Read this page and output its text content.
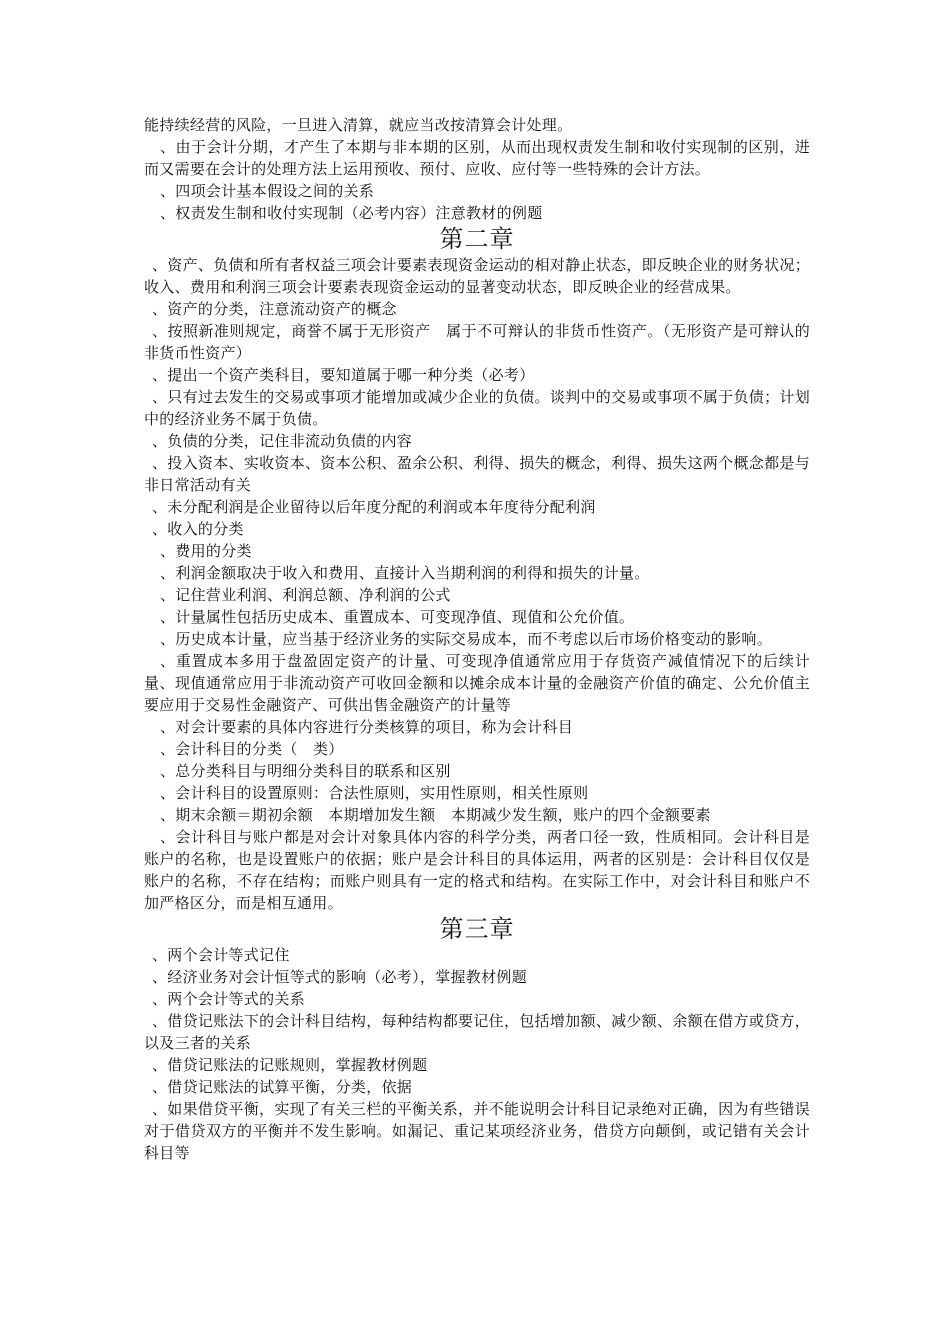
能持续经营的风险，一旦进入清算，就应当改按清算会计处理。

、由于会计分期，才产生了本期与非本期的区别，从而出现权责发生制和收付实现制的区别，进而又需要在会计的处理方法上运用预收、预付、应收、应付等一些特殊的会计方法。

、四项会计基本假设之间的关系

、权责发生制和收付实现制（必考内容）注意教材的例题

第二章

、资产、负债和所有者权益三项会计要素表现资金运动的相对静止状态，即反映企业的财务状况；收入、费用和利润三项会计要素表现资金运动的显著变动状态，即反映企业的经营成果。

、资产的分类，注意流动资产的概念

、按照新准则规定，商誉不属于无形资产　属于不可辩认的非货币性资产。（无形资产是可辩认的非货币性资产）

、提出一个资产类科目，要知道属于哪一种分类（必考）

、只有过去发生的交易或事项才能增加或减少企业的负债。谈判中的交易或事项不属于负债；计划中的经济业务不属于负债。

、负债的分类，记住非流动负债的内容

、投入资本、实收资本、资本公积、盈余公积、利得、损失的概念，利得、损失这两个概念都是与非日常活动有关

、未分配利润是企业留待以后年度分配的利润或本年度待分配利润

、收入的分类

、费用的分类

、利润金额取决于收入和费用、直接计入当期利润的利得和损失的计量。

、记住营业利润、利润总额、净利润的公式

、计量属性包括历史成本、重置成本、可变现净值、现值和公允价值。

、历史成本计量，应当基于经济业务的实际交易成本，而不考虑以后市场价格变动的影响。

、重置成本多用于盘盈固定资产的计量、可变现净值通常应用于存货资产减值情况下的后续计量、现值通常应用于非流动资产可收回金额和以摊余成本计量的金融资产价值的确定、公允价值主要应用于交易性金融资产、可供出售金融资产的计量等

、对会计要素的具体内容进行分类核算的项目，称为会计科目

、会计科目的分类（　类）

、总分类科目与明细分类科目的联系和区别

、会计科目的设置原则：合法性原则，实用性原则，相关性原则

、期末余额＝期初余额　本期增加发生额　本期减少发生额，账户的四个金额要素

、会计科目与账户都是对会计对象具体内容的科学分类，两者口径一致，性质相同。会计科目是账户的名称，也是设置账户的依据；账户是会计科目的具体运用，两者的区别是：会计科目仅仅是账户的名称，不存在结构；而账户则具有一定的格式和结构。在实际工作中，对会计科目和账户不加严格区分，而是相互通用。

第三章

、两个会计等式记住

、经济业务对会计恒等式的影响（必考），掌握教材例题

、两个会计等式的关系

、借贷记账法下的会计科目结构，每种结构都要记住，包括增加额、减少额、余额在借方或贷方，以及三者的关系

、借贷记账法的记账规则，掌握教材例题

、借贷记账法的试算平衡，分类，依据

、如果借贷平衡，实现了有关三栏的平衡关系，并不能说明会计科目记录绝对正确，因为有些错误对于借贷双方的平衡并不发生影响。如漏记、重记某项经济业务，借贷方向颠倒，或记错有关会计科目等
